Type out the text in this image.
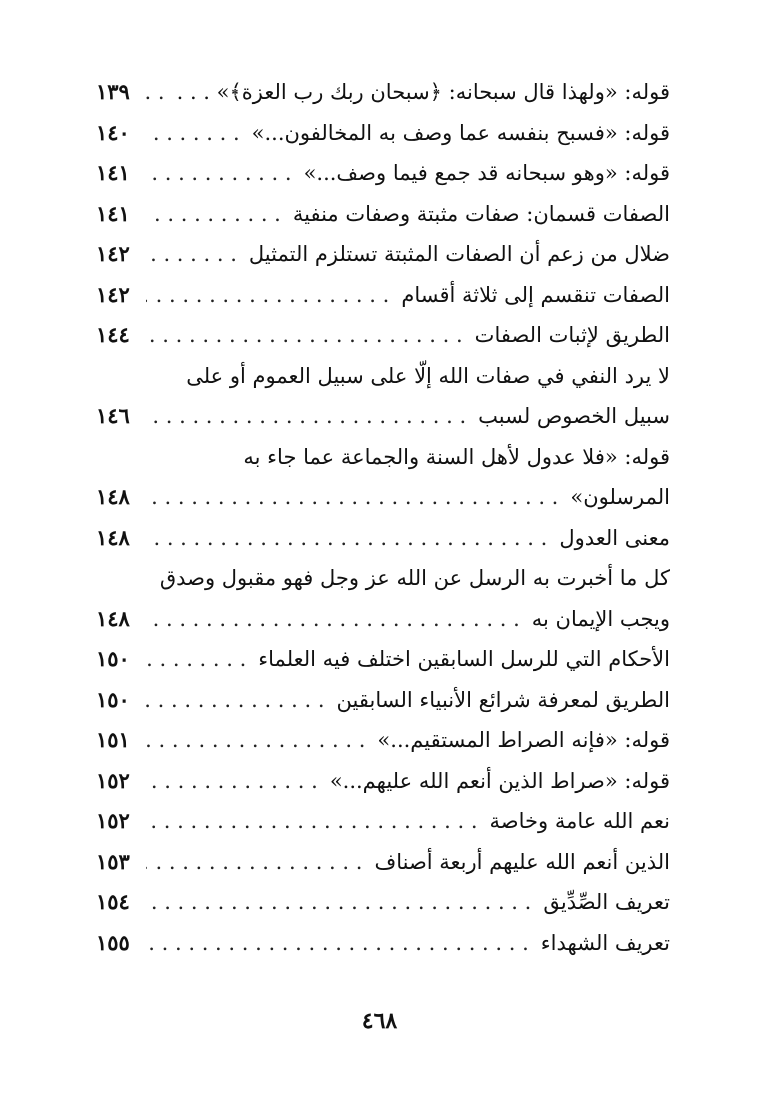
قوله: «ولهذا قال سبحانه: ﴿سبحان ربك رب العزة﴾» . . .
. . .
١٣٩
قوله: «فسبح بنفسه عما وصف به المخالفون...»
. . .
١٤٠
قوله: «وهو سبحانه قد جمع فيما وصف...»
. . .
١٤١
الصفات قسمان: صفات مثبتة وصفات منفية
. . .
١٤١
ضلال من زعم أن الصفات المثبتة تستلزم التمثيل
. . .
١٤٢
الصفات تنقسم إلى ثلاثة أقسام
. . .
١٤٢
الطريق لإثبات الصفات
. . .
١٤٤
لا يرد النفي في صفات الله إلّا على سبيل العموم أو على
سبيل الخصوص لسبب
. . .
١٤٦
قوله: «فلا عدول لأهل السنة والجماعة عما جاء به
المرسلون»
. . .
١٤٨
معنى العدول
. . .
١٤٨
كل ما أخبرت به الرسل عن الله عز وجل فهو مقبول وصدق
ويجب الإيمان به
. . .
١٤٨
الأحكام التي للرسل السابقين اختلف فيه العلماء
. . .
١٥٠
الطريق لمعرفة شرائع الأنبياء السابقين
. . .
١٥٠
قوله: «فإنه الصراط المستقيم...»
. . .
١٥١
قوله: «صراط الذين أنعم الله عليهم...»
. . .
١٥٢
نعم الله عامة وخاصة
. . .
١٥٢
الذين أنعم الله عليهم أربعة أصناف
. . .
١٥٣
تعريف الصِّدِّيق
. . .
١٥٤
تعريف الشهداء
. . .
١٥٥
٤٦٨
